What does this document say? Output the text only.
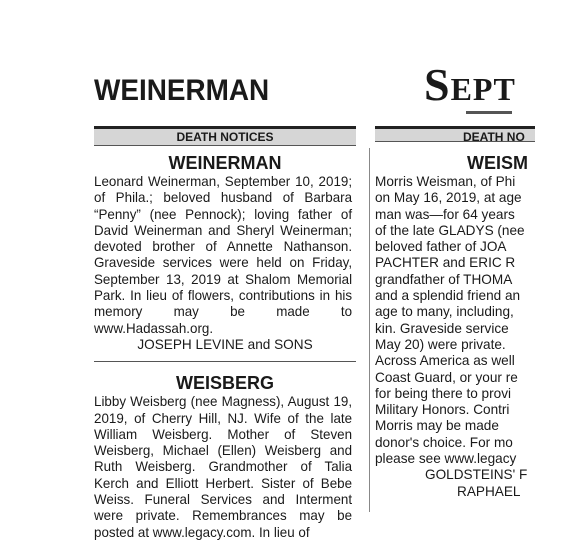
WEINERMAN	Sept
DEATH NOTICES	DEATH NO
WEINERMAN
Leonard Weinerman, September 10, 2019; of Phila.; beloved husband of Barbara “Penny” (nee Pennock); loving father of David Weinerman and Sheryl Weinerman; devoted brother of Annette Nathanson. Graveside services were held on Friday, September 13, 2019 at Shalom Memorial Park. In lieu of flowers, contributions in his memory may be made to www.Hadassah.org.
JOSEPH LEVINE and SONS
WEISBERG
Libby Weisberg (nee Magness), August 19, 2019, of Cherry Hill, NJ. Wife of the late William Weisberg. Mother of Steven Weisberg, Michael (Ellen) Weisberg and Ruth Weisberg. Grandmother of Talia Kerch and Elliott Herbert. Sister of Bebe Weiss. Funeral Services and Interment were private. Remembrances may be posted at www.legacy.com. In lieu of
WEISM
Morris Weisman, of Phi
on May 16, 2019, at age
man was—for 64 years
of the late GLADYS (nee
beloved father of JOA
PACHTER and ERIC R
grandfather of THOMA
and a splendid friend an
age to many, including,
kin. Graveside service
May 20) were private.
Across America as well
Coast Guard, or your re
for being there to provi
Military Honors. Contri
Morris may be made
donor's choice. For mo
please see www.legacy
GOLDSTEINS' F
RAPHAEL
